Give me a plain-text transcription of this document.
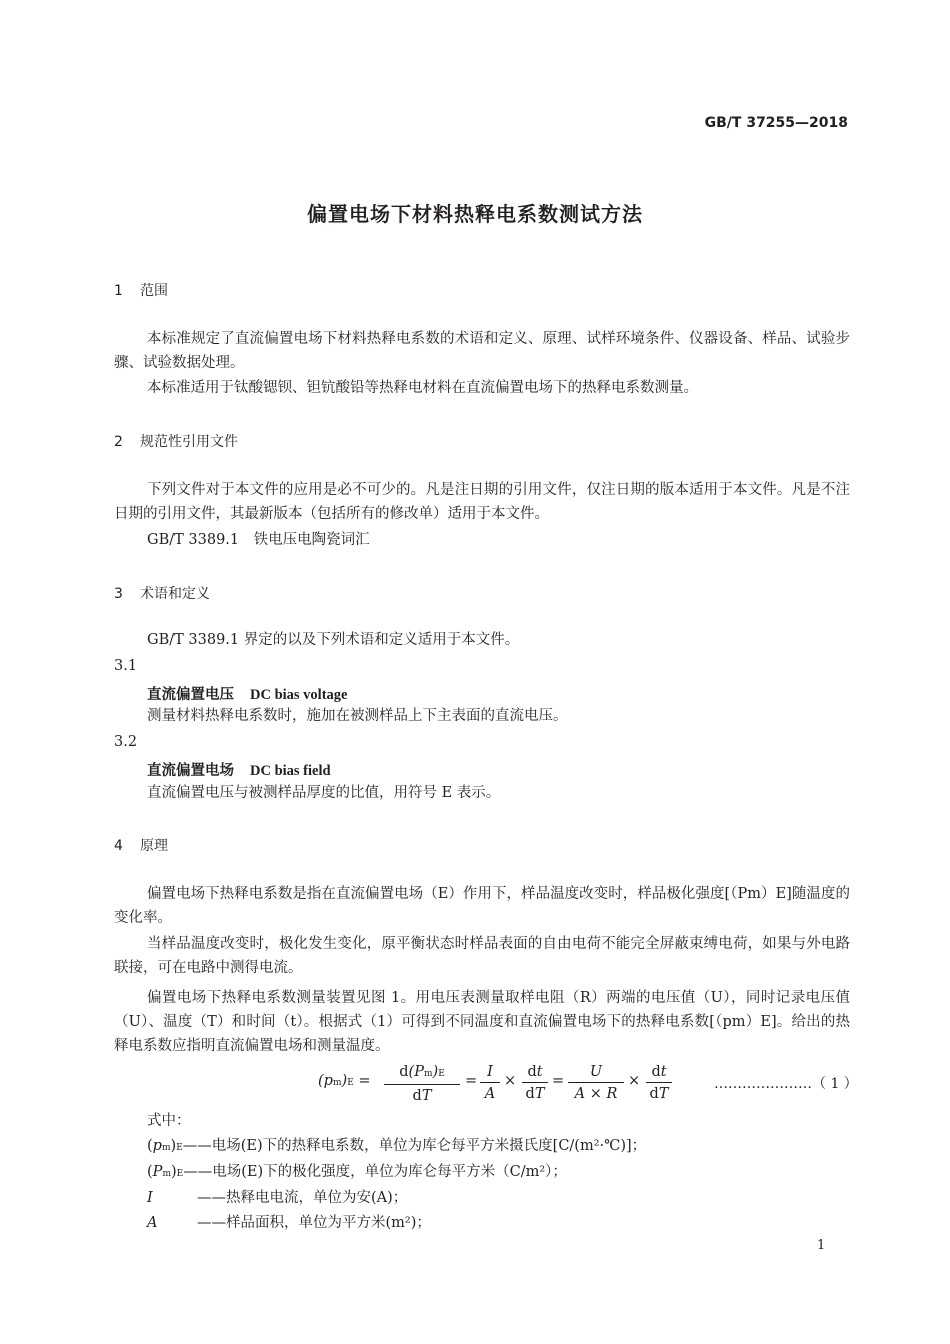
GB/T 37255—2018
偏置电场下材料热释电系数测试方法
1 范围
本标准规定了直流偏置电场下材料热释电系数的术语和定义、原理、试样环境条件、仪器设备、样品、试验步骤、试验数据处理。
本标准适用于钛酸锶钡、钽钪酸铅等热释电材料在直流偏置电场下的热释电系数测量。
2 规范性引用文件
下列文件对于本文件的应用是必不可少的。凡是注日期的引用文件，仅注日期的版本适用于本文件。凡是不注日期的引用文件，其最新版本（包括所有的修改单）适用于本文件。
GB/T 3389.1　铁电压电陶瓷词汇
3 术语和定义
GB/T 3389.1 界定的以及下列术语和定义适用于本文件。
3.1
直流偏置电压 DC bias voltage
测量材料热释电系数时，施加在被测样品上下主表面的直流电压。
3.2
直流偏置电场 DC bias field
直流偏置电压与被测样品厚度的比值，用符号 E 表示。
4 原理
偏置电场下热释电系数是指在直流偏置电场（E）作用下，样品温度改变时，样品极化强度[（Pm）E]随温度的变化率。
当样品温度改变时，极化发生变化，原平衡状态时样品表面的自由电荷不能完全屏蔽束缚电荷，如果与外电路联接，可在电路中测得电流。
偏置电场下热释电系数测量装置见图 1。用电压表测量取样电阻（R）两端的电压值（U），同时记录电压值（U）、温度（T）和时间（t）。根据式（1）可得到不同温度和直流偏置电场下的热释电系数[（pm）E]。给出的热释电系数应指明直流偏置电场和测量温度。
$(pm)E = \frac{d(Pm)E}{dT} = \frac{I}{A} \times \frac{dt}{dT} = \frac{U}{A \times R} \times \frac{dt}{dT}$	…………………（ 1 ）
式中：
(pm)E——电场(E)下的热释电系数，单位为库仑每平方米摄氏度[C/(m²·℃)]；
(Pm)E——电场(E)下的极化强度，单位为库仑每平方米（C/m²）；
I	——热释电电流，单位为安(A)；
A	——样品面积，单位为平方米(m²)；
1
